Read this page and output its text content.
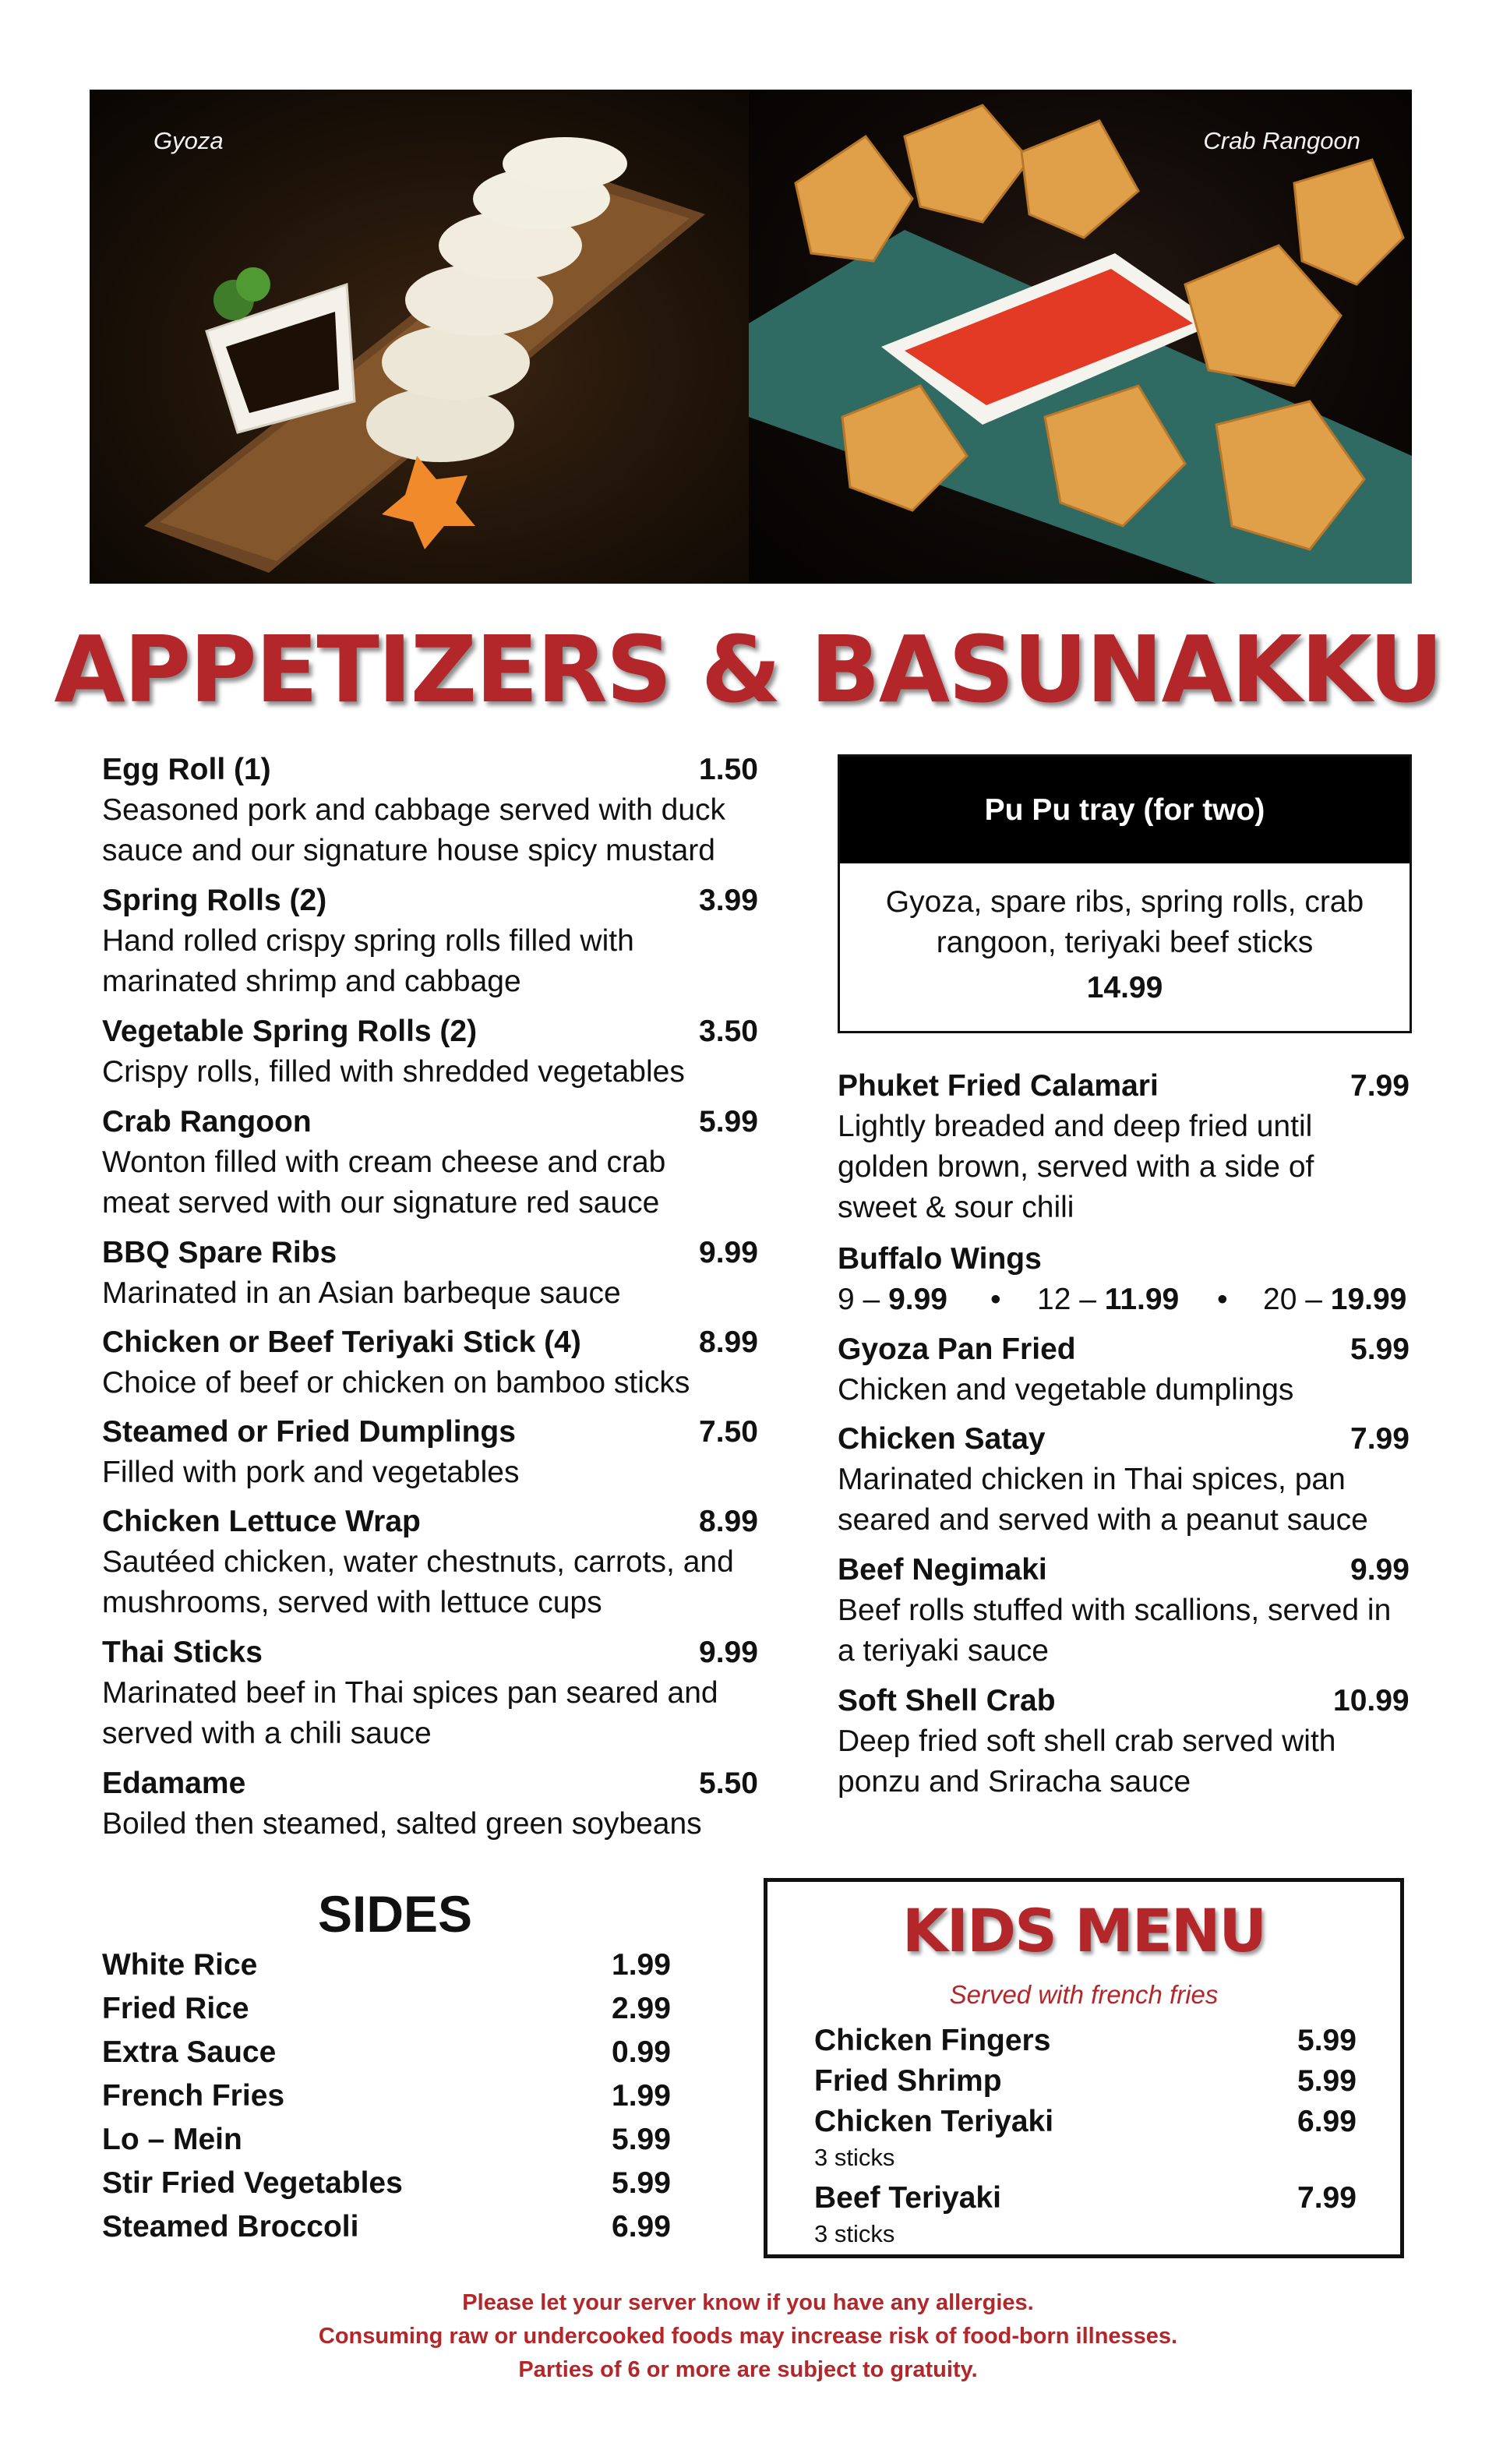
Gyoza	Crab Rangoon
APPETIZERS & BASUNAKKU
Egg Roll (1)	1.50
Seasoned pork and cabbage served with duck
sauce and our signature house spicy mustard
Spring Rolls (2)	3.99
Hand rolled crispy spring rolls filled with
marinated shrimp and cabbage
Vegetable Spring Rolls (2)	3.50
Crispy rolls, filled with shredded vegetables
Crab Rangoon	5.99
Wonton filled with cream cheese and crab
meat served with our signature red sauce
BBQ Spare Ribs	9.99
Marinated in an Asian barbeque sauce
Chicken or Beef Teriyaki Stick (4)	8.99
Choice of beef or chicken on bamboo sticks
Steamed or Fried Dumplings	7.50
Filled with pork and vegetables
Chicken Lettuce Wrap	8.99
Sautéed chicken, water chestnuts, carrots, and
mushrooms, served with lettuce cups
Thai Sticks	9.99
Marinated beef in Thai spices pan seared and
served with a chili sauce
Edamame	5.50
Boiled then steamed, salted green soybeans
Pu Pu tray (for two)
Gyoza, spare ribs, spring rolls, crab rangoon, teriyaki beef sticks
14.99
Phuket Fried Calamari	7.99
Lightly breaded and deep fried until
golden brown, served with a side of
sweet & sour chili
Buffalo Wings
9 – 9.99 • 12 – 11.99 • 20 – 19.99
Gyoza Pan Fried	5.99
Chicken and vegetable dumplings
Chicken Satay	7.99
Marinated chicken in Thai spices, pan
seared and served with a peanut sauce
Beef Negimaki	9.99
Beef rolls stuffed with scallions, served in
a teriyaki sauce
Soft Shell Crab	10.99
Deep fried soft shell crab served with
ponzu and Sriracha sauce
SIDES
White Rice	1.99
Fried Rice	2.99
Extra Sauce	0.99
French Fries	1.99
Lo – Mein	5.99
Stir Fried Vegetables	5.99
Steamed Broccoli	6.99
KIDS MENU
Served with french fries
Chicken Fingers	5.99
Fried Shrimp	5.99
Chicken Teriyaki	6.99
3 sticks
Beef Teriyaki	7.99
3 sticks
Please let your server know if you have any allergies.
Consuming raw or undercooked foods may increase risk of food-born illnesses.
Parties of 6 or more are subject to gratuity.
